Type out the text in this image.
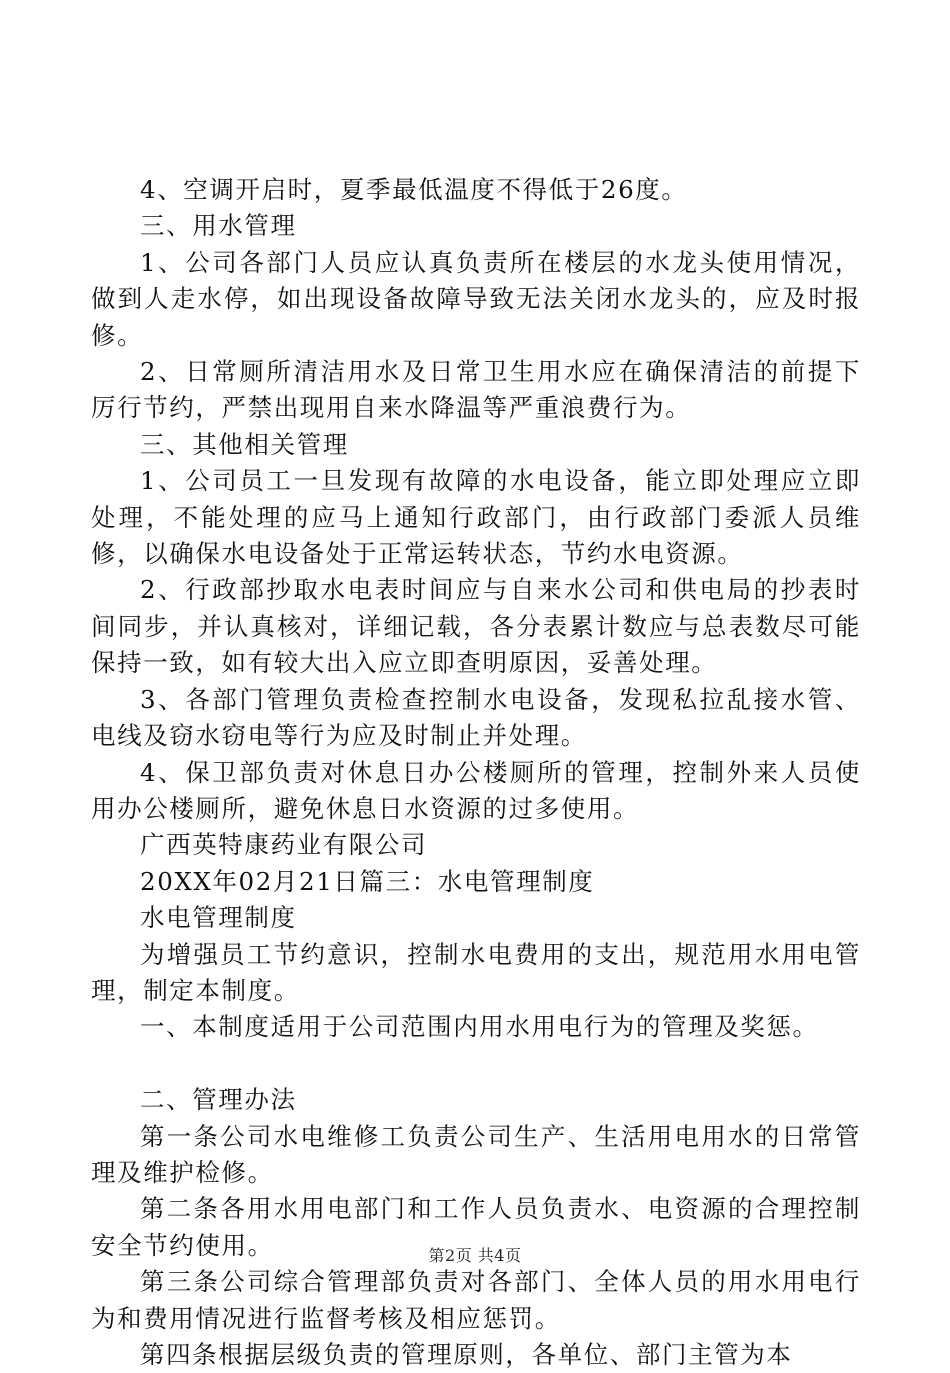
4、空调开启时，夏季最低温度不得低于26度。

三、用水管理

1、公司各部门人员应认真负责所在楼层的水龙头使用情况，做到人走水停，如出现设备故障导致无法关闭水龙头的，应及时报修。

2、日常厕所清洁用水及日常卫生用水应在确保清洁的前提下厉行节约，严禁出现用自来水降温等严重浪费行为。

三、其他相关管理

1、公司员工一旦发现有故障的水电设备，能立即处理应立即处理，不能处理的应马上通知行政部门，由行政部门委派人员维修，以确保水电设备处于正常运转状态，节约水电资源。

2、行政部抄取水电表时间应与自来水公司和供电局的抄表时间同步，并认真核对，详细记载，各分表累计数应与总表数尽可能保持一致，如有较大出入应立即查明原因，妥善处理。

3、各部门管理负责检查控制水电设备，发现私拉乱接水管、电线及窃水窃电等行为应及时制止并处理。

4、保卫部负责对休息日办公楼厕所的管理，控制外来人员使用办公楼厕所，避免休息日水资源的过多使用。

广西英特康药业有限公司

20XX年02月21日篇三：水电管理制度

水电管理制度

为增强员工节约意识，控制水电费用的支出，规范用水用电管理，制定本制度。

一、本制度适用于公司范围内用水用电行为的管理及奖惩。

二、管理办法

第一条公司水电维修工负责公司生产、生活用电用水的日常管理及维护检修。

第二条各用水用电部门和工作人员负责水、电资源的合理控制安全节约使用。

第三条公司综合管理部负责对各部门、全体人员的用水用电行为和费用情况进行监督考核及相应惩罚。

第四条根据层级负责的管理原则，各单位、部门主管为本

第2页 共4页
